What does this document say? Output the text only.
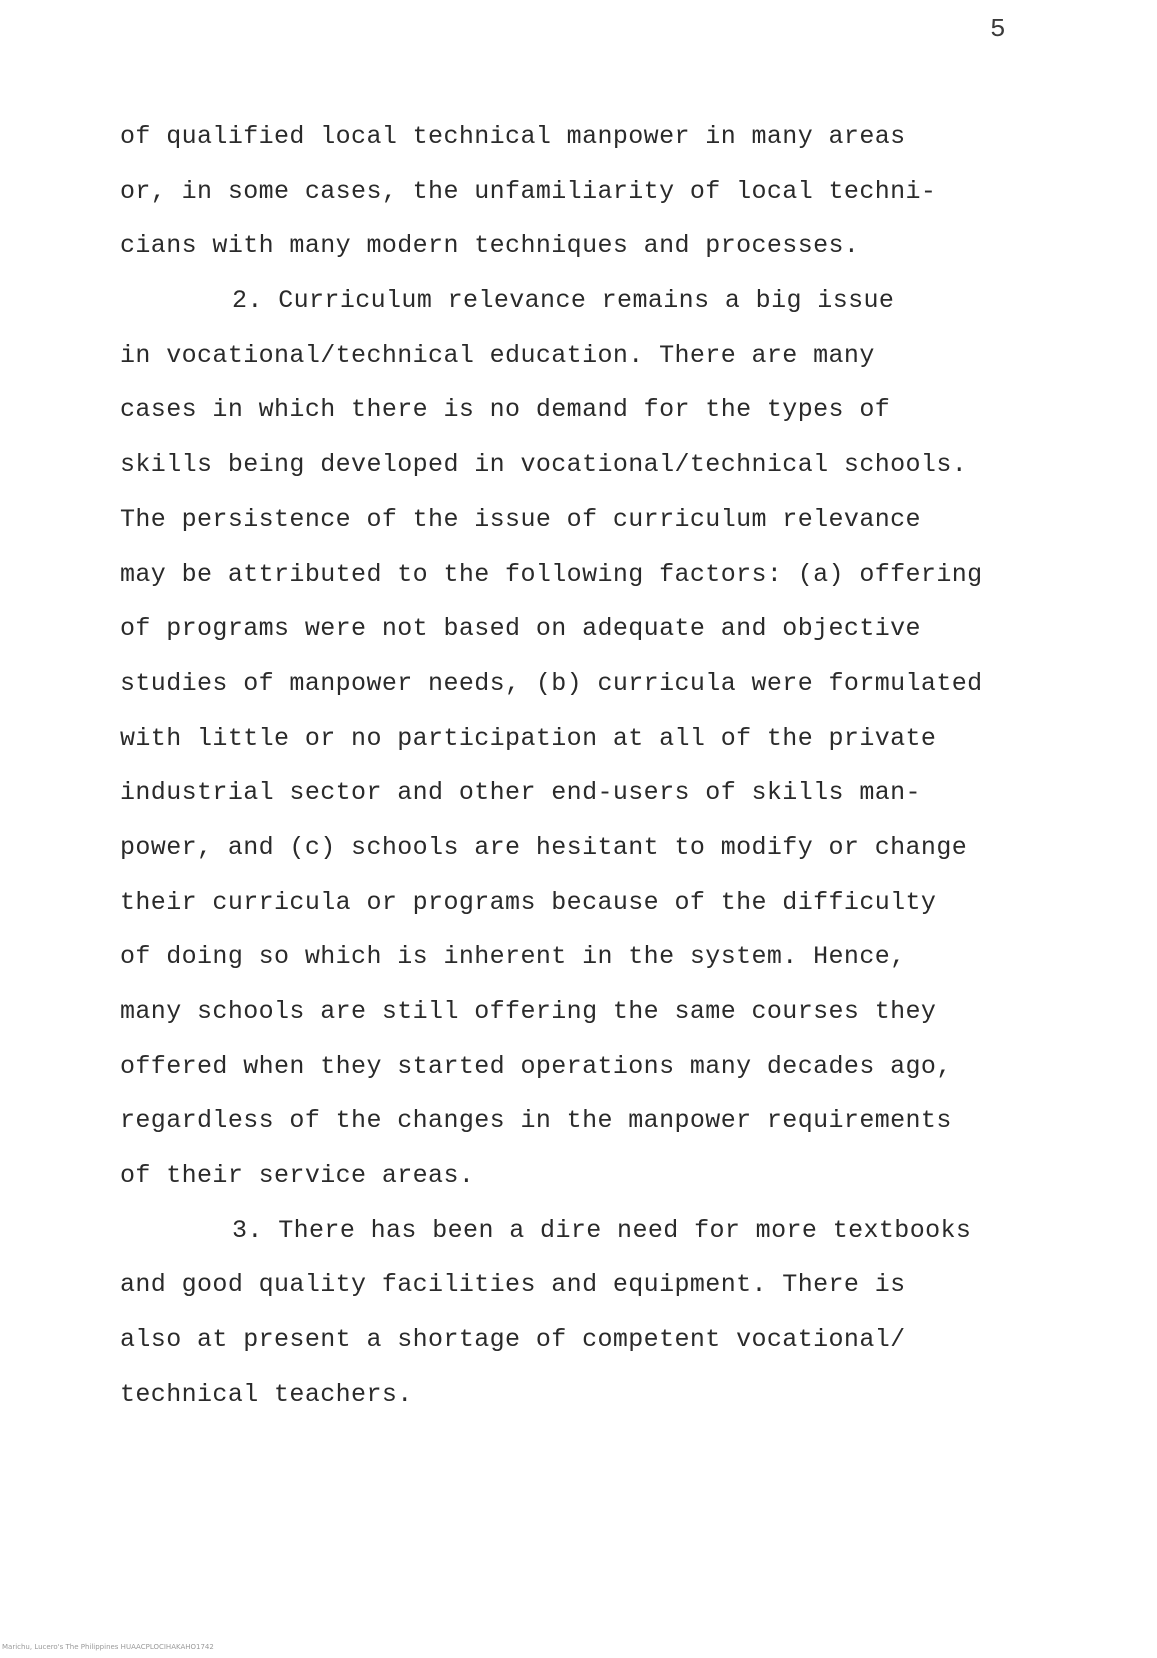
5
of qualified local technical manpower in many areas
or, in some cases, the unfamiliarity of local techni-
cians with many modern techniques and processes.
2. Curriculum relevance remains a big issue
in vocational/technical education. There are many
cases in which there is no demand for the types of
skills being developed in vocational/technical schools.
The persistence of the issue of curriculum relevance
may be attributed to the following factors: (a) offering
of programs were not based on adequate and objective
studies of manpower needs, (b) curricula were formulated
with little or no participation at all of the private
industrial sector and other end-users of skills man-
power, and (c) schools are hesitant to modify or change
their curricula or programs because of the difficulty
of doing so which is inherent in the system. Hence,
many schools are still offering the same courses they
offered when they started operations many decades ago,
regardless of the changes in the manpower requirements
of their service areas.
3. There has been a dire need for more textbooks
and good quality facilities and equipment. There is
also at present a shortage of competent vocational/
technical teachers.
Marichu, Lucero's The Philippines HUAACPLOCIHAKAHO1742
